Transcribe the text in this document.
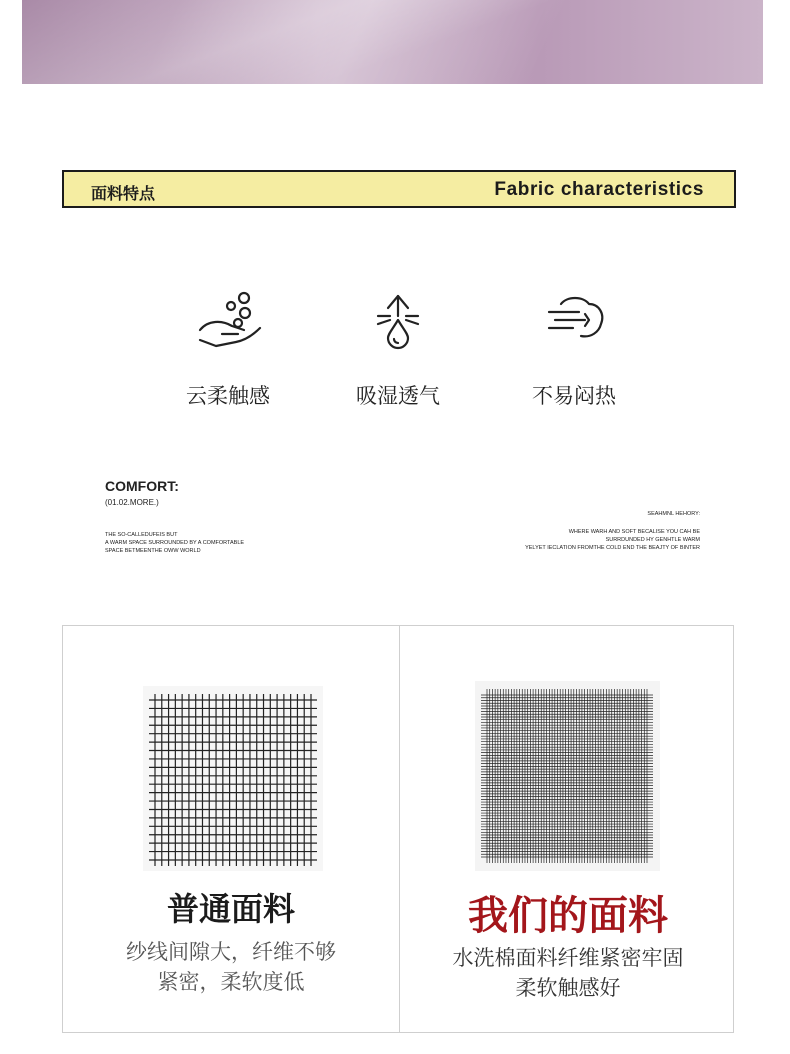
面料特点	Fabric characteristics
云柔触感	吸湿透气	不易闷热
COMFORT:
(01.02.MORE.)
THE SO-CALLEDUFEIS BUT
A WARM SPACE SURROUNDED BY A COMFORTABLE
SPACE BETMEENTHE OWW WORLD
SEAHMNL HEHORY:
WHERE WARH AND SOFT BECALISE YOU CAH BE
SURRDUNDED HY GENHTLE WARM
YELYET IECLATION FROMTHE COLD END THE BEAJTY OF BINTER
普通面料
纱线间隙大，纤维不够
紧密，柔软度低
我们的面料
水洗棉面料纤维紧密牢固
柔软触感好
